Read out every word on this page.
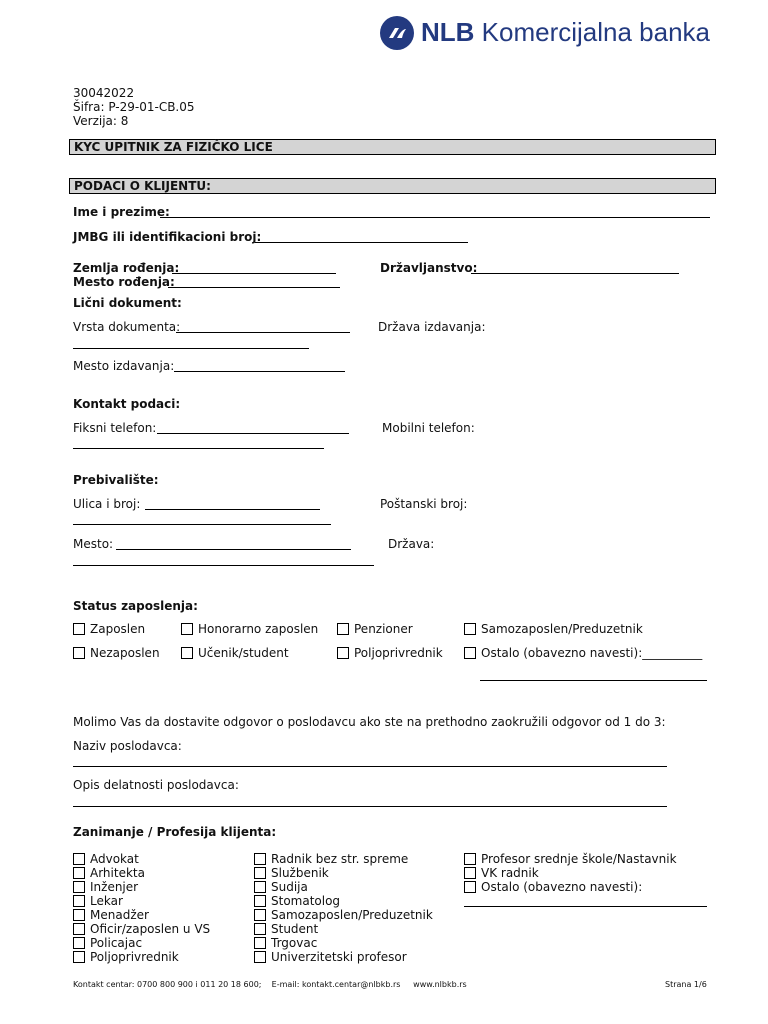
NLB Komercijalna banka
30042022
Šifra: P-29-01-CB.05
Verzija: 8
KYC UPITNIK ZA FIZIČKO LICE
PODACI O KLIJENTU:
Ime i prezime:
JMBG ili identifikacioni broj:
Zemlja rođenja:	Državljanstvo:
Mesto rođenja:
Lični dokument:
Vrsta dokumenta:	Država izdavanja:
Mesto izdavanja:
Kontakt podaci:
Fiksni telefon:	Mobilni telefon:
Prebivalište:
Ulica i broj:	Poštanski broj:
Mesto:	Država:
Status zaposlenja:
Zaposlen	Honorarno zaposlen	Penzioner	Samozaposlen/Preduzetnik
Nezaposlen	Učenik/student	Poljoprivrednik	Ostalo (obavezno navesti):__________
Molimo Vas da dostavite odgovor o poslodavcu ako ste na prethodno zaokružili odgovor od 1 do 3:
Naziv poslodavca:
Opis delatnosti poslodavca:
Zanimanje / Profesija klijenta:
Advokat
Arhitekta
Inženjer
Lekar
Menadžer
Oficir/zaposlen u VS
Policajac
Poljoprivrednik
Radnik bez str. spreme
Službenik
Sudija
Stomatolog
Samozaposlen/Preduzetnik
Student
Trgovac
Univerzitetski profesor
Profesor srednje škole/Nastavnik
VK radnik
Ostalo (obavezno navesti):
Kontakt centar: 0700 800 900 i 011 20 18 600;    E-mail: kontakt.centar@nlbkb.rs     www.nlbkb.rs	Strana 1/6
